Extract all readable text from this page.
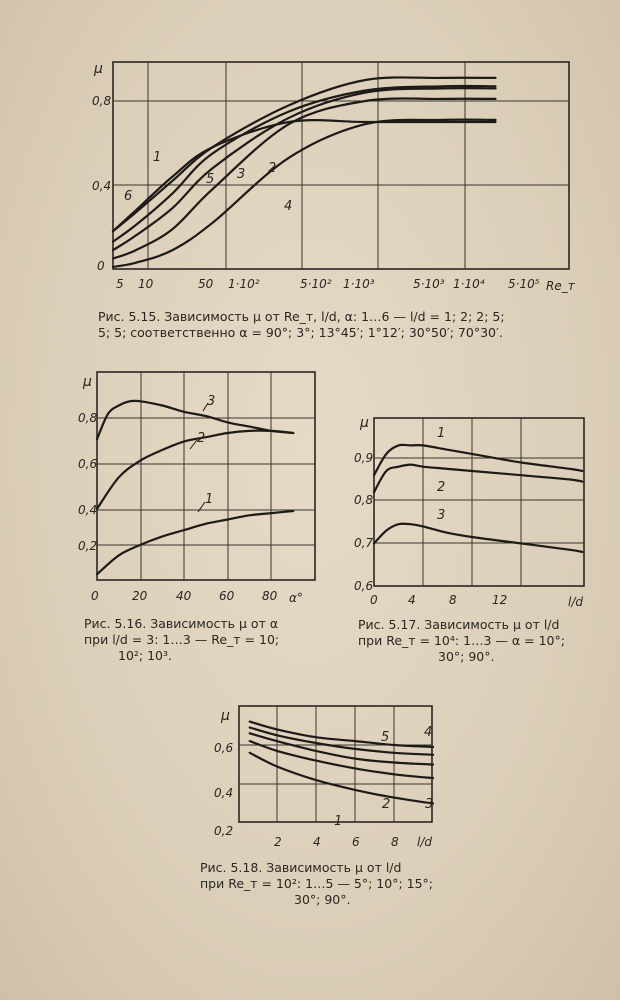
μ
0,8
0,4
0
5 10	50 1·10²	5·10² 1·10³	5·10³ 1·10⁴ 5·10⁵ Re_т
1
2
3
4
5
6

Рис. 5.15. Зависимость μ от Re_т, l/d, α: 1…6 — l/d = 1; 2; 2; 5;
5; 5; соответственно α = 90°; 3°; 13°45′; 1°12′; 30°50′; 70°30′.

μ
0,8
0,6
0,4
0,2
0	20 40 60 80 α°
1
2
3

Рис. 5.16. Зависимость μ от α
при l/d = 3: 1…3 — Re_т = 10;
10²; 10³.

μ
0,9
0,8
0,7
0,6
0	4	8	12	l/d
1
2
3

Рис. 5.17. Зависимость μ от l/d
при Re_т = 10⁴: 1…3 — α = 10°;
30°; 90°.

μ
0,6
0,4
0,2
2	4	6	8 l/d
1
2	3
4
5

Рис. 5.18. Зависимость μ от l/d
при Re_т = 10²: 1…5 — 5°; 10°; 15°;
30°; 90°.
